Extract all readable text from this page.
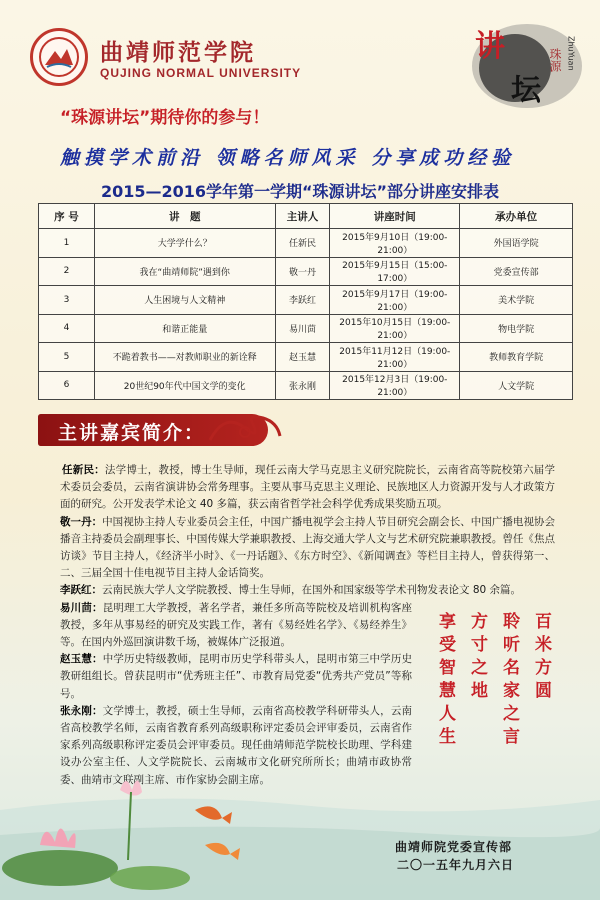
曲靖师范学院
QUJING NORMAL UNIVERSITY
讲
坛
珠源 ZhuYuan
“珠源讲坛”期待你的参与！
触摸学术前沿 领略名师风采 分享成功经验
2015—2016学年第一学期“珠源讲坛”部分讲座安排表
序 号	讲　题	主讲人	讲座时间	承办单位
1	大学学什么？	任新民	2015年9月10日（19:00-21:00）	外国语学院
2	我在“曲靖师院”遇到你	敬一丹	2015年9月15日（15:00-17:00）	党委宣传部
3	人生困境与人文精神	李跃红	2015年9月17日（19:00-21:00）	美术学院
4	和谐正能量	易川茴	2015年10月15日（19:00-21:00）	物电学院
5	不跪着教书——对教师职业的新诠释	赵玉慧	2015年11月12日（19:00-21:00）	教师教育学院
6	20世纪90年代中国文学的变化	张永刚	2015年12月3日（19:00-21:00）	人文学院
主讲嘉宾简介：

任新民：法学博士，教授，博士生导师，现任云南大学马克思主义研究院院长，云南省高等院校第六届学术委员会委员，云南省演讲协会常务理事。主要从事马克思主义理论、民族地区人力资源开发与人才政策方面的研究。公开发表学术论文 40 多篇，获云南省哲学社会科学优秀成果奖励五项。

敬一丹：中国视协主持人专业委员会主任，中国广播电视学会主持人节目研究会副会长、中国广播电视协会播音主持委员会副理事长、中国传媒大学兼职教授、上海交通大学人文与艺术研究院兼职教授。曾任《焦点访谈》节目主持人，《经济半小时》、《一丹话题》、《东方时空》、《新闻调查》等栏目主持人，曾获得第一、二、三届全国十佳电视节目主持人金话筒奖。

李跃红：云南民族大学人文学院教授、博士生导师，在国外和国家级等学术刊物发表论文 80 余篇。

易川茴：昆明理工大学教授，著名学者，兼任多所高等院校及培训机构客座教授，多年从事易经的研究及实践工作，著有《易经姓名学》、《易经养生》等。在国内外巡回演讲数千场，被媒体广泛报道。

赵玉慧：中学历史特级教师，昆明市历史学科带头人，昆明市第三中学历史教研组组长。曾获昆明市“优秀班主任”、市教育局党委“优秀共产党员”等称号。

张永刚：文学博士，教授，硕士生导师，云南省高校教学科研带头人，云南省高校教学名师，云南省教育系列高级职称评定委员会评审委员，云南省作家系列高级职称评定委员会评审委员。现任曲靖师范学院校长助理、学科建设办公室主任、人文学院院长、云南城市文化研究所所长；曲靖市政协常委、曲靖市文联副主席、市作家协会副主席。

百米方圆
聆听名家之言
方寸之地
享受智慧人生
曲靖师院党委宣传部
二〇一五年九月六日
